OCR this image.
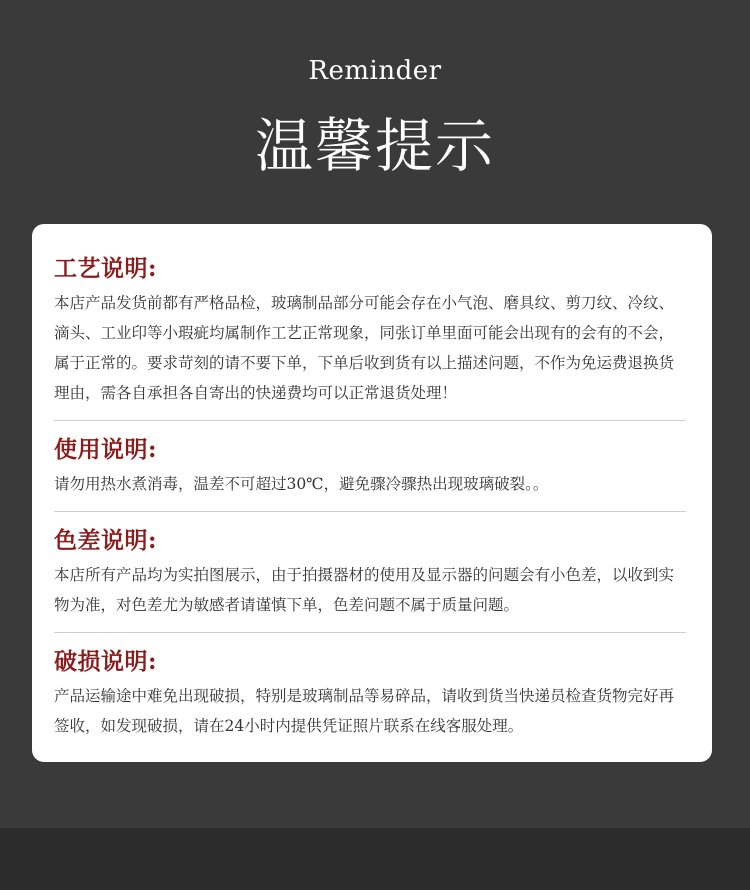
Reminder
温馨提示
工艺说明:

本店产品发货前都有严格品检，玻璃制品部分可能会存在小气泡、磨具纹、剪刀纹、冷纹、滴头、工业印等小瑕疵均属制作工艺正常现象，同张订单里面可能会出现有的会有的不会，属于正常的。要求苛刻的请不要下单，下单后收到货有以上描述问题，不作为免运费退换货理由，需各自承担各自寄出的快递费均可以正常退货处理！

使用说明:

请勿用热水煮消毒，温差不可超过30℃，避免骤冷骤热出现玻璃破裂。。

色差说明:

本店所有产品均为实拍图展示，由于拍摄器材的使用及显示器的问题会有小色差，以收到实物为准，对色差尤为敏感者请谨慎下单，色差问题不属于质量问题。

破损说明:

产品运输途中难免出现破损，特别是玻璃制品等易碎品，请收到货当快递员检查货物完好再签收，如发现破损，请在24小时内提供凭证照片联系在线客服处理。
